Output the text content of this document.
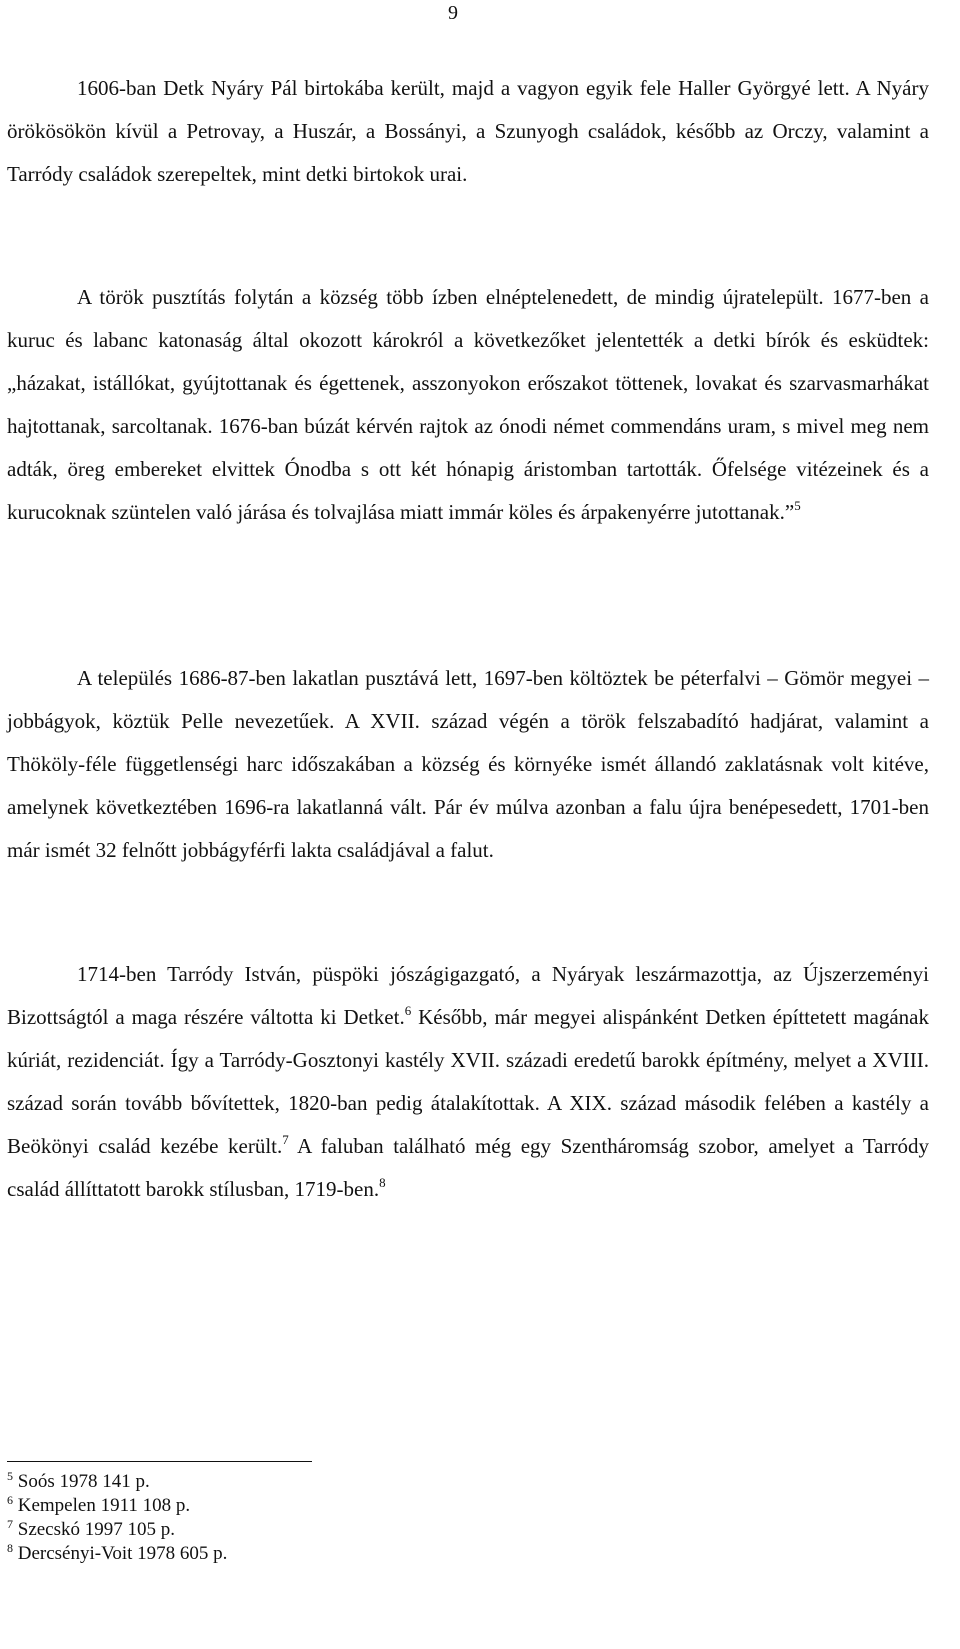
9

1606-ban Detk Nyáry Pál birtokába került, majd a vagyon egyik fele Haller Györgyé lett. A Nyáry örökösökön kívül a Petrovay, a Huszár, a Bossányi, a Szunyogh családok, később az Orczy, valamint a Tarródy családok szerepeltek, mint detki birtokok urai.

A török pusztítás folytán a község több ízben elnéptelenedett, de mindig újratelepült. 1677-ben a kuruc és labanc katonaság által okozott károkról a következőket jelentették a detki bírók és esküdtek: „házakat, istállókat, gyújtottanak és égettenek, asszonyokon erőszakot töttenek, lovakat és szarvasmarhákat hajtottanak, sarcoltanak. 1676-ban búzát kérvén rajtok az ónodi német commendáns uram, s mivel meg nem adták, öreg embereket elvittek Ónodba s ott két hónapig áristomban tartották. Őfelsége vitézeinek és a kurucoknak szüntelen való járása és tolvajlása miatt immár köles és árpakenyérre jutottanak.”$^5$

A település 1686-87-ben lakatlan pusztává lett, 1697-ben költöztek be péterfalvi – Gömör megyei – jobbágyok, köztük Pelle nevezetűek. A XVII. század végén a török felszabadító hadjárat, valamint a Thököly-féle függetlenségi harc időszakában a község és környéke ismét állandó zaklatásnak volt kitéve, amelynek következtében 1696-ra lakatlanná vált. Pár év múlva azonban a falu újra benépesedett, 1701-ben már ismét 32 felnőtt jobbágyférfi lakta családjával a falut.

1714-ben Tarródy István, püspöki jószágigazgató, a Nyáryak leszármazottja, az Újszerzeményi Bizottságtól a maga részére váltotta ki Detket.$^6$ Később, már megyei alispánként Detken építtetett magának kúriát, rezidenciát. Így a Tarródy-Gosztonyi kastély XVII. századi eredetű barokk építmény, melyet a XVIII. század során tovább bővítettek, 1820-ban pedig átalakítottak. A XIX. század második felében a kastély a Beökönyi család kezébe került.$^7$ A faluban található még egy Szentháromság szobor, amelyet a Tarródy család állíttatott barokk stílusban, 1719-ben.$^8$

$^5$ Soós 1978 141 p.
$^6$ Kempelen 1911 108 p.
$^7$ Szecskó 1997 105 p.
$^8$ Dercsényi-Voit 1978 605 p.
